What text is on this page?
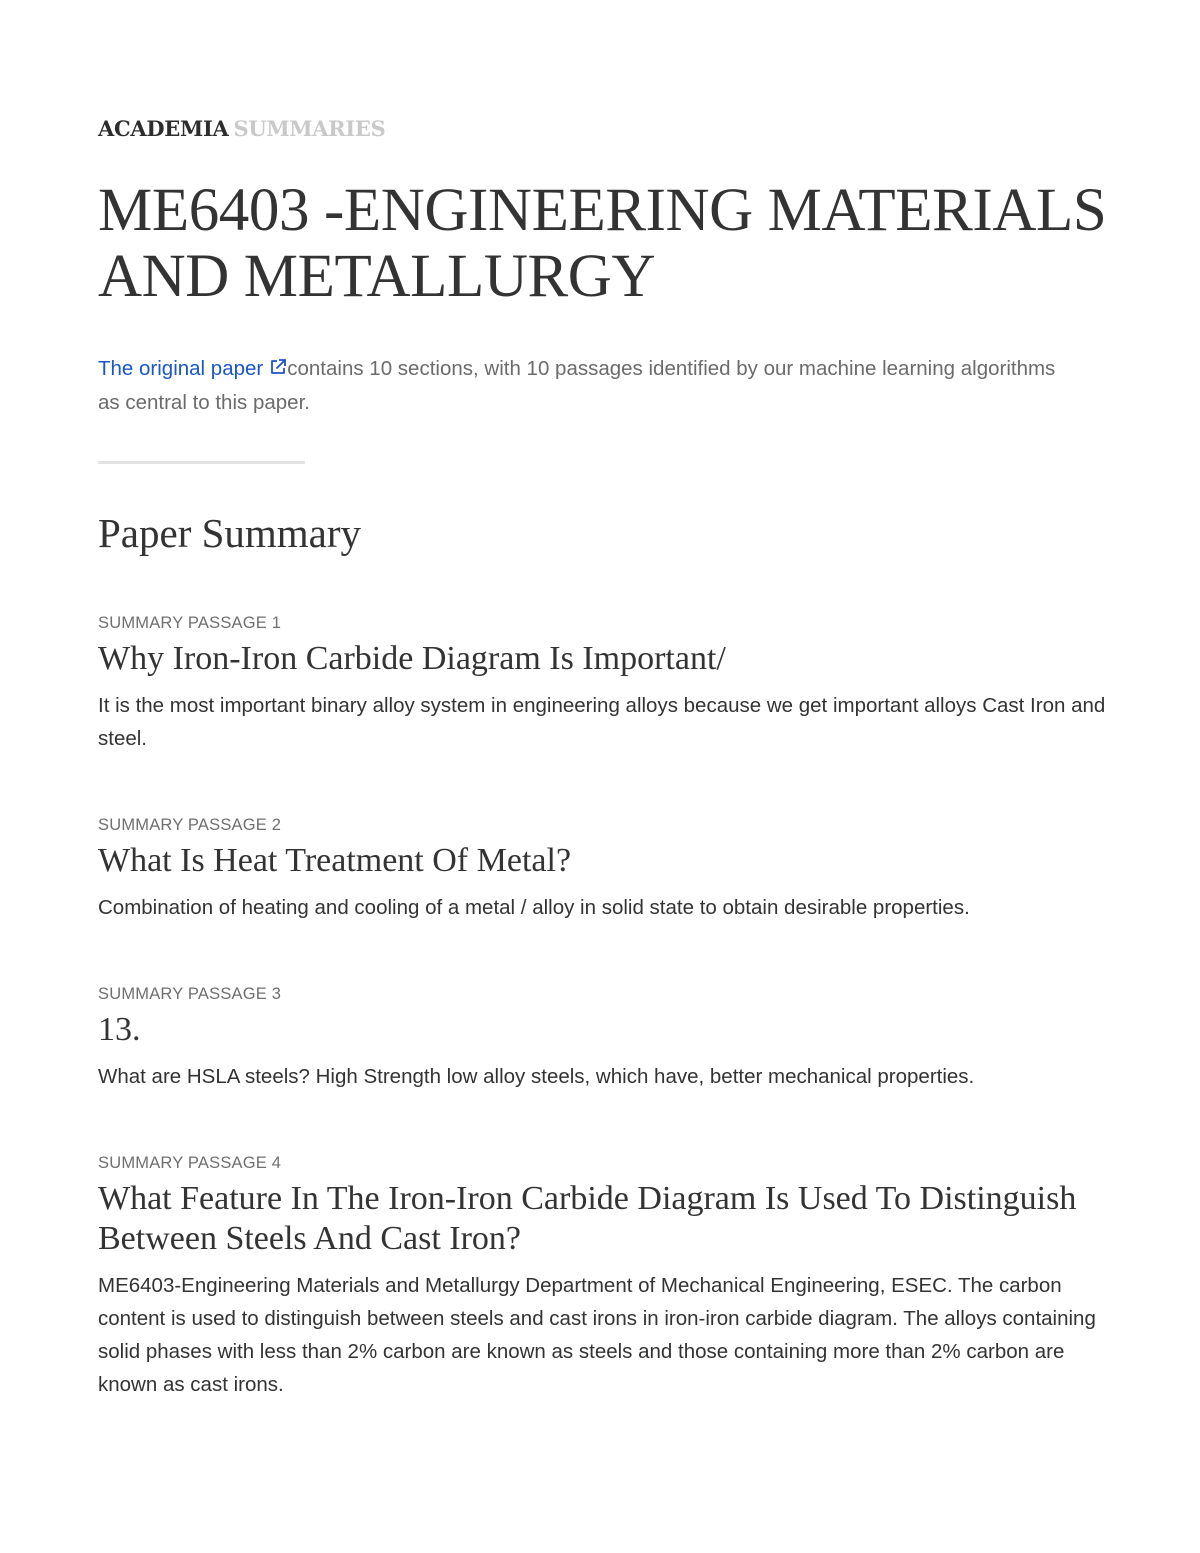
ACADEMIA SUMMARIES
ME6403 -ENGINEERING MATERIALS AND METALLURGY

The original paper contains 10 sections, with 10 passages identified by our machine learning algorithms as central to this paper.

Paper Summary
SUMMARY PASSAGE 1
Why Iron-Iron Carbide Diagram Is Important/

It is the most important binary alloy system in engineering alloys because we get important alloys Cast Iron and steel.

SUMMARY PASSAGE 2
What Is Heat Treatment Of Metal?

Combination of heating and cooling of a metal / alloy in solid state to obtain desirable properties.

SUMMARY PASSAGE 3
13.

What are HSLA steels? High Strength low alloy steels, which have, better mechanical properties.

SUMMARY PASSAGE 4
What Feature In The Iron-Iron Carbide Diagram Is Used To Distinguish Between Steels And Cast Iron?

ME6403-Engineering Materials and Metallurgy Department of Mechanical Engineering, ESEC. The carbon content is used to distinguish between steels and cast irons in iron-iron carbide diagram. The alloys containing solid phases with less than 2% carbon are known as steels and those containing more than 2% carbon are known as cast irons.
